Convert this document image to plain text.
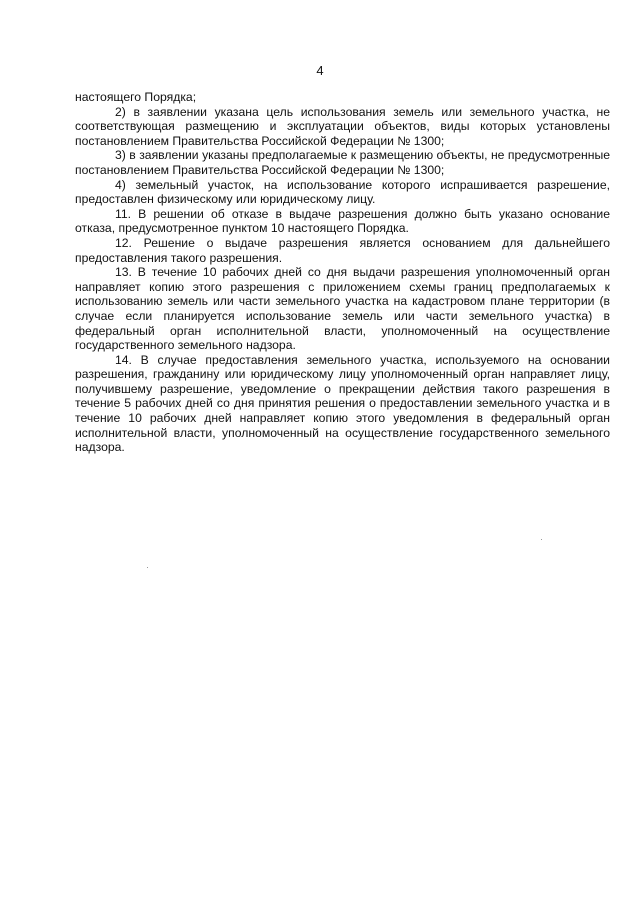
4

настоящего Порядка;

2) в заявлении указана цель использования земель или земельного участка, не соответствующая размещению и эксплуатации объектов, виды которых установлены постановлением Правительства Российской Федерации № 1300;

3) в заявлении указаны предполагаемые к размещению объекты, не предусмотренные постановлением Правительства Российской Федерации № 1300;

4) земельный участок, на использование которого испрашивается разрешение, предоставлен физическому или юридическому лицу.

11. В решении об отказе в выдаче разрешения должно быть указано основание отказа, предусмотренное пунктом 10 настоящего Порядка.

12. Решение о выдаче разрешения является основанием для дальнейшего предоставления такого разрешения.

13. В течение 10 рабочих дней со дня выдачи разрешения уполномоченный орган направляет копию этого разрешения с приложением схемы границ предполагаемых к использованию земель или части земельного участка на кадастровом плане территории (в случае если планируется использование земель или части земельного участка) в федеральный орган исполнительной власти, уполномоченный на осуществление государственного земельного надзора.

14. В случае предоставления земельного участка, используемого на основании разрешения, гражданину или юридическому лицу уполномоченный орган направляет лицу, получившему разрешение, уведомление о прекращении действия такого разрешения в течение 5 рабочих дней со дня принятия решения о предоставлении земельного участка и в течение 10 рабочих дней направляет копию этого уведомления в федеральный орган исполнительной власти, уполномоченный на осуществление государственного земельного надзора.
